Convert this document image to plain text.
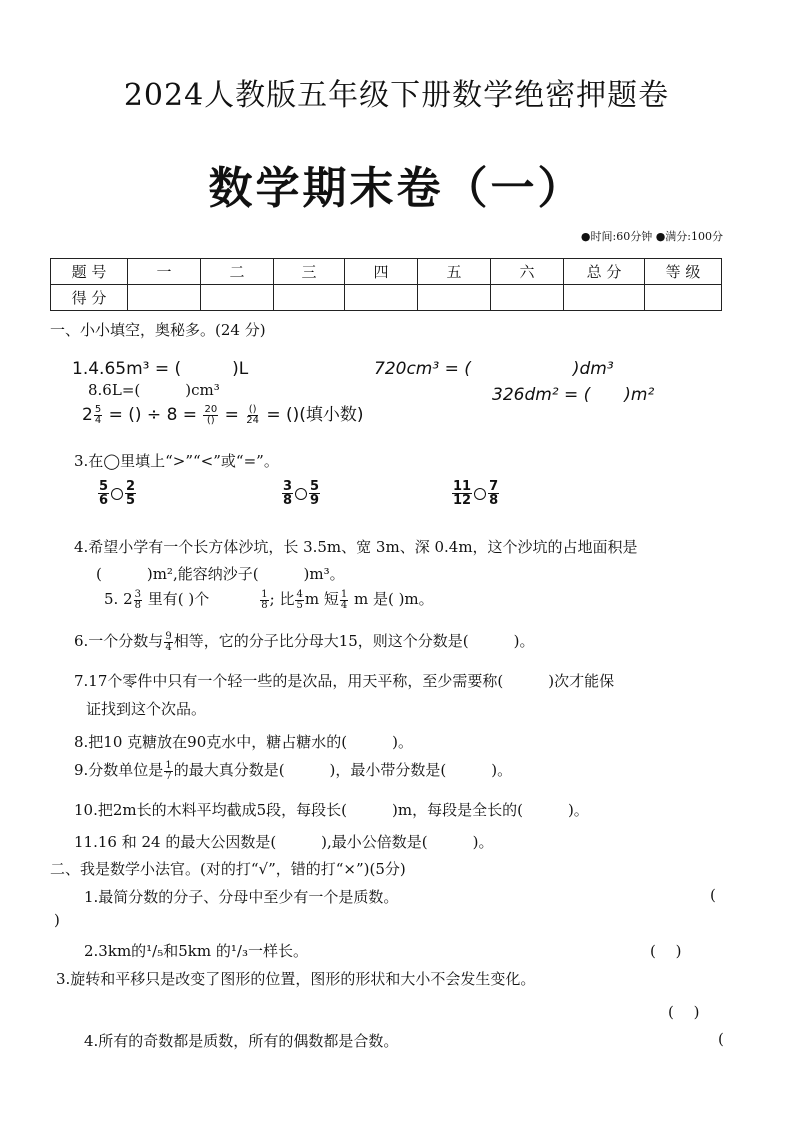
2024人教版五年级下册数学绝密押题卷
数学期末卷（一）
●时间:60分钟 ●满分:100分
题 号	一	二	三	四	五	六	总 分	等 级
得 分								
一、小小填空，奥秘多。(24 分)
1.4.65m³ = (　　　)L	720cm³ = (　　　　　　)dm³
8.6L=(　　　)cm³	326dm² = (　　)m²
$2 \frac{5}{4}$ = () ÷ $8 = \frac{20}{()} = \frac{()}{24}$ = ()(填小数)
3.在◯里填上“>”“<”或“=”。
$\frac{5}{6} \frac{2}{5}$	$\frac{3}{8} \frac{5}{9}$	$\frac{11}{12} \frac{7}{8}$
4.希望小学有一个长方体沙坑，长 3.5m、宽 3m、深 0.4m，这个沙坑的占地面积是
(　　　)m²,能容纳沙子(　　　)m³。
5. $2 \frac{3}{8}$ 里有( )个	$\frac{1}{8}$ ; 比 $\frac{4}{5}$ m 短 $\frac{1}{4}$ m 是( )m。
6.一个分数与 $\frac{9}{4}$ 相等，它的分子比分母大15，则这个分数是(　　　)。
7.17个零件中只有一个轻一些的是次品，用天平称，至少需要称(　　　)次才能保
证找到这个次品。
8.把10 克糖放在90克水中，糖占糖水的(　　　)。
9.分数单位是 $\frac{1}{7}$ 的最大真分数是(　　　)，最小带分数是(　　　)。
10.把2m长的木料平均截成5段，每段长(　　　)m，每段是全长的(　　　)。
11.16 和 24 的最大公因数是(　　　),最小公倍数是(　　　)。
二、我是数学小法官。(对的打“√”，错的打“×”)(5分)
1.最简分数的分子、分母中至少有一个是质数。	(
)
2.3km的¹/₅和5km 的¹/₃一样长。	(　 )
3.旋转和平移只是改变了图形的位置，图形的形状和大小不会发生变化。
(　 )
4.所有的奇数都是质数，所有的偶数都是合数。	(
